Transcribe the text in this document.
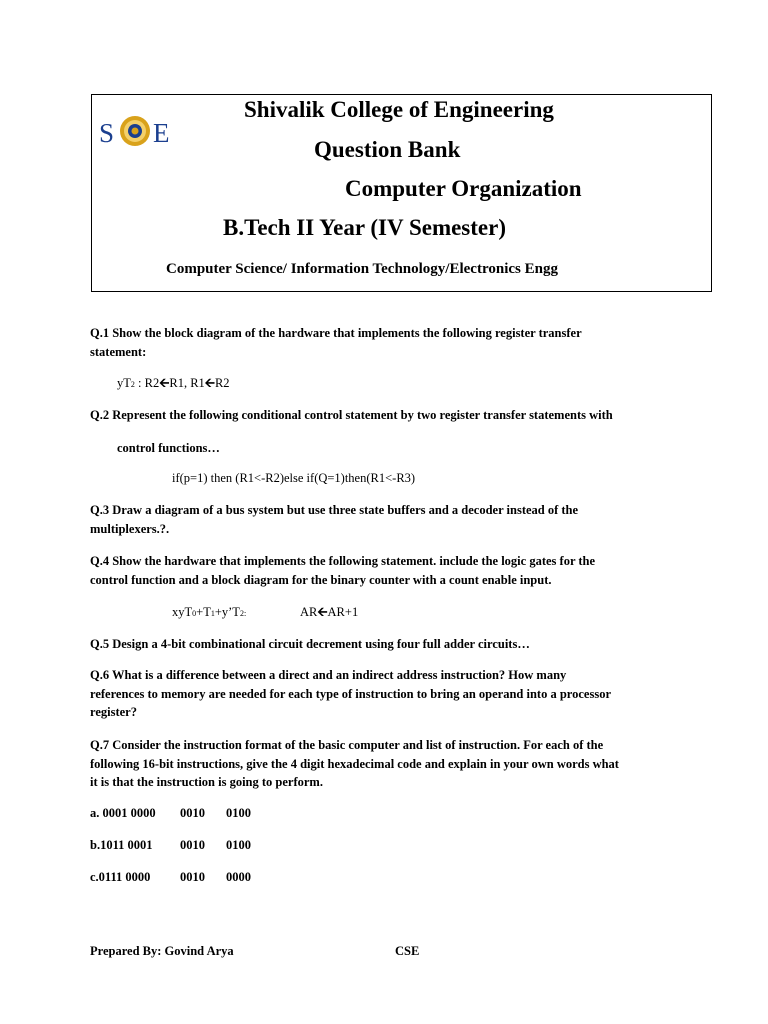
S E
Shivalik College of Engineering
Question Bank
Computer Organization
B.Tech II Year (IV Semester)
Computer Science/ Information Technology/Electronics Engg
Q.1 Show the block diagram of the hardware that implements the following register transfer
statement:
yT2 : R2🡨R1, R1🡨R2
Q.2 Represent the following conditional control statement by two register transfer statements with
control functions…
if(p=1) then (R1<-R2)else if(Q=1)then(R1<-R3)
Q.3 Draw a diagram of a bus system but use three state buffers and a decoder instead of the
multiplexers.?.
Q.4 Show the hardware that implements the following statement. include the logic gates for the
control function and a block diagram for the binary counter with a count enable input.
xyT0+T1+y’T2:	AR🡨AR+1
Q.5 Design a 4-bit combinational circuit decrement using four full adder circuits…
Q.6 What is a difference between a direct and an indirect address instruction? How many
references to memory are needed for each type of instruction to bring an operand into a processor
register?
Q.7 Consider the instruction format of the basic computer and list of instruction. For each of the
following 16-bit instructions, give the 4 digit hexadecimal code and explain in your own words what
it is that the instruction is going to perform.
a. 0001 0000 0010 0100
b.1011 0001 0010 0100
c.0111 0000 0010 0000
Prepared By: Govind Arya	CSE
